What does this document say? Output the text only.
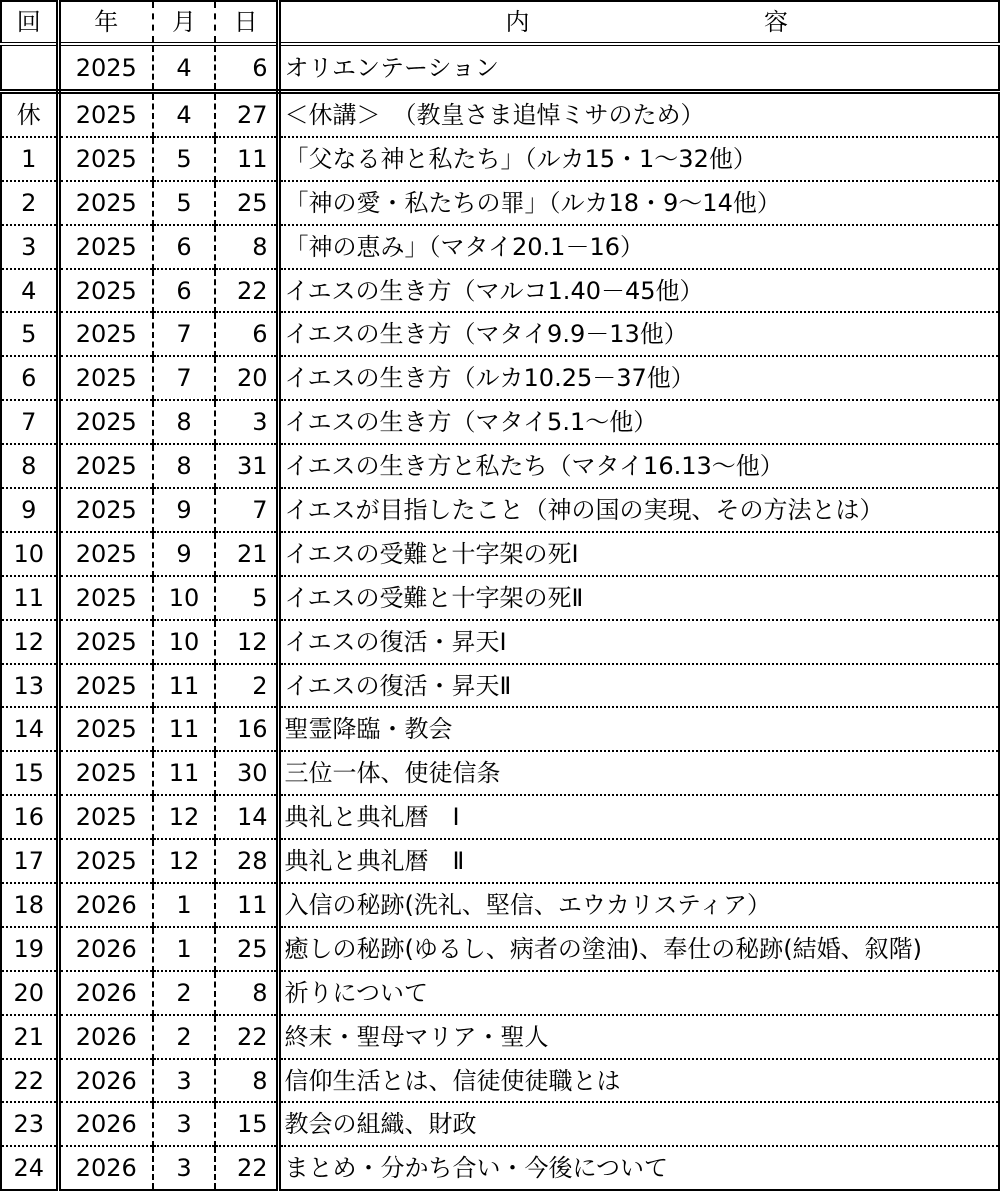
回	年	月	日	内 容

	2025	4	6	オリエンテーション
休	2025	4	27	＜休講＞　（教皇さま追悼ミサのため）
1	2025	5	11	「父なる神と私たち」（ルカ15・1～32他）
2	2025	5	25	「神の愛・私たちの罪」（ルカ18・9～14他）
3	2025	6	8	「神の恵み」（マタイ20.1－16）
4	2025	6	22	イエスの生き方（マルコ1.40－45他）
5	2025	7	6	イエスの生き方（マタイ9.9－13他）
6	2025	7	20	イエスの生き方（ルカ10.25－37他）
7	2025	8	3	イエスの生き方（マタイ5.1～他）
8	2025	8	31	イエスの生き方と私たち（マタイ16.13～他）
9	2025	9	7	イエスが目指したこと（神の国の実現、その方法とは）
10	2025	9	21	イエスの受難と十字架の死Ⅰ
11	2025	10	5	イエスの受難と十字架の死Ⅱ
12	2025	10	12	イエスの復活・昇天Ⅰ
13	2025	11	2	イエスの復活・昇天Ⅱ
14	2025	11	16	聖霊降臨・教会
15	2025	11	30	三位一体、使徒信条
16	2025	12	14	典礼と典礼暦　Ⅰ
17	2025	12	28	典礼と典礼暦　Ⅱ
18	2026	1	11	入信の秘跡(洗礼、堅信、エウカリスティア）
19	2026	1	25	癒しの秘跡(ゆるし、病者の塗油)、奉仕の秘跡(結婚、叙階)
20	2026	2	8	祈りについて
21	2026	2	22	終末・聖母マリア・聖人
22	2026	3	8	信仰生活とは、信徒使徒職とは
23	2026	3	15	教会の組織、財政
24	2026	3	22	まとめ・分かち合い・今後について
